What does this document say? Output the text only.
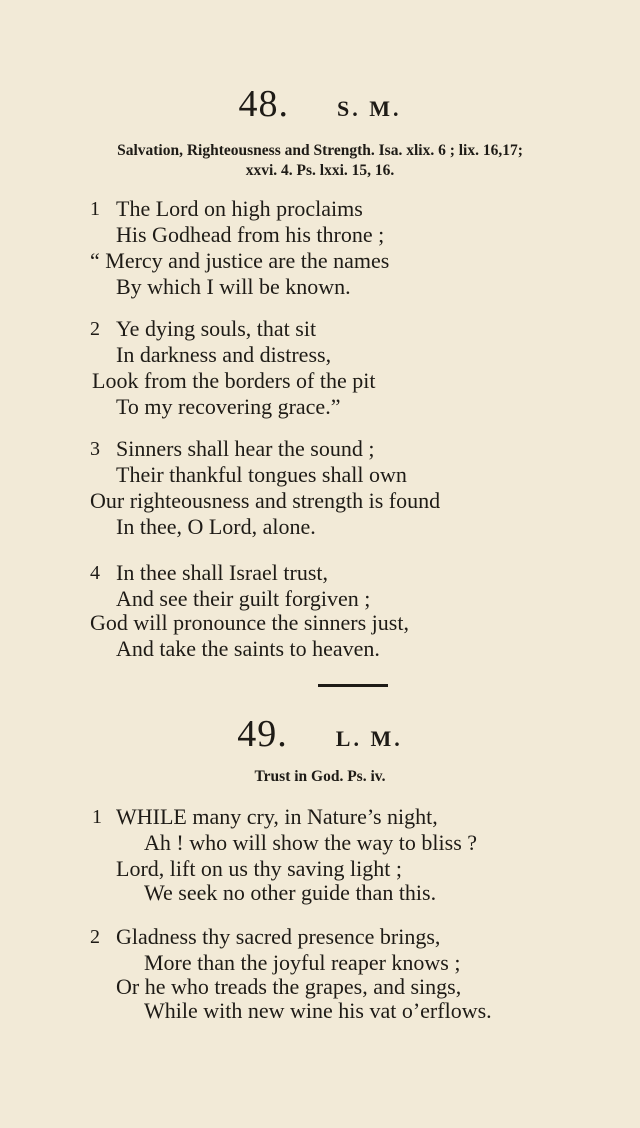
48. S. M.
Salvation, Righteousness and Strength. Isa. xlix. 6 ; lix. 16,17;
xxvi. 4. Ps. lxxi. 15, 16.
1 The Lord on high proclaims
His Godhead from his throne ;
“ Mercy and justice are the names
By which I will be known.
2 Ye dying souls, that sit
In darkness and distress,
Look from the borders of the pit
To my recovering grace.”
3 Sinners shall hear the sound ;
Their thankful tongues shall own
Our righteousness and strength is found
In thee, O Lord, alone.
4 In thee shall Israel trust,
And see their guilt forgiven ;
God will pronounce the sinners just,
And take the saints to heaven.
49. L. M.
Trust in God. Ps. iv.
1 WHILE many cry, in Nature’s night,
Ah ! who will show the way to bliss ?
Lord, lift on us thy saving light ;
We seek no other guide than this.
2 Gladness thy sacred presence brings,
More than the joyful reaper knows ;
Or he who treads the grapes, and sings,
While with new wine his vat o’erflows.
